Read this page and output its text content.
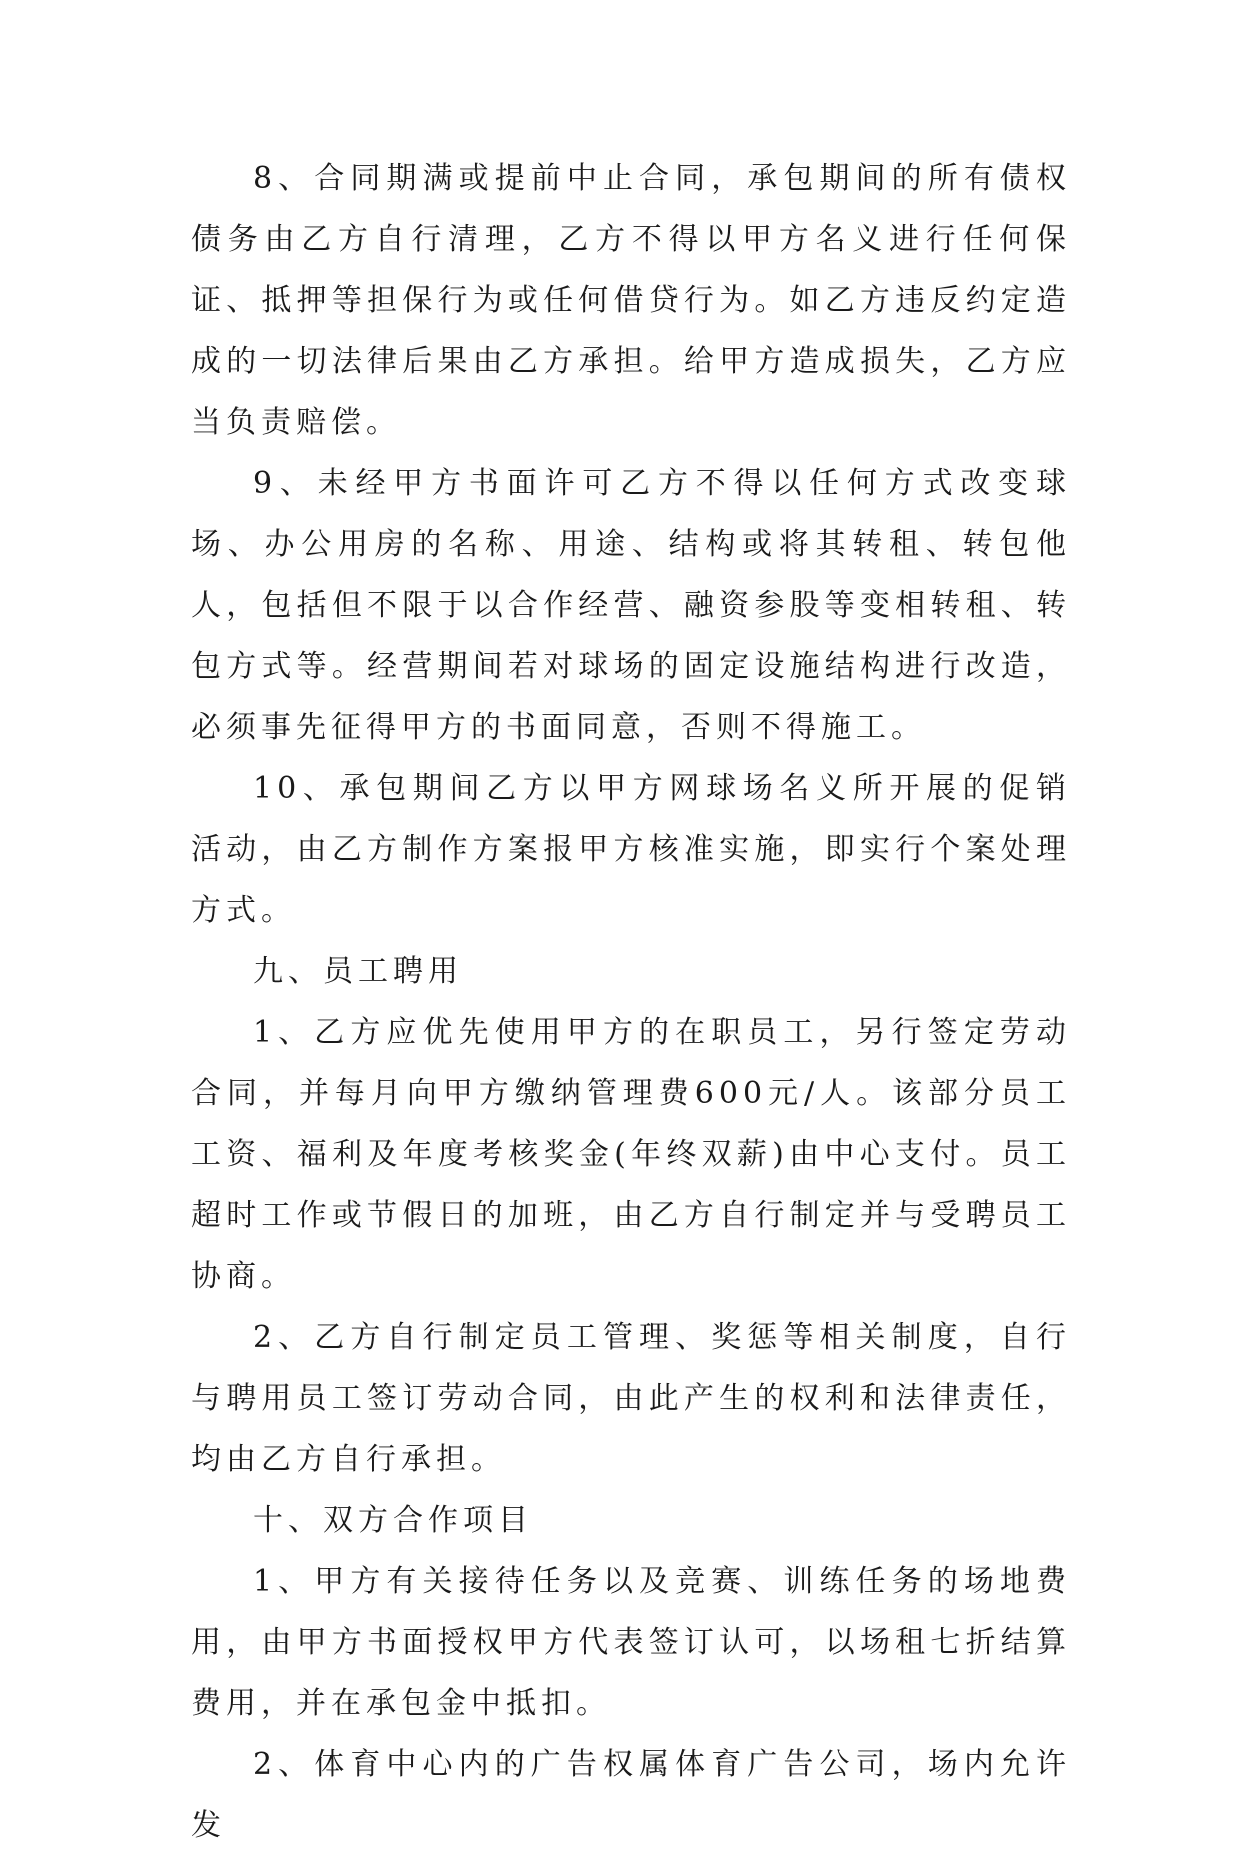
8、合同期满或提前中止合同，承包期间的所有债权债务由乙方自行清理，乙方不得以甲方名义进行任何保证、抵押等担保行为或任何借贷行为。如乙方违反约定造成的一切法律后果由乙方承担。给甲方造成损失，乙方应当负责赔偿。

9、未经甲方书面许可乙方不得以任何方式改变球场、办公用房的名称、用途、结构或将其转租、转包他人，包括但不限于以合作经营、融资参股等变相转租、转包方式等。经营期间若对球场的固定设施结构进行改造，必须事先征得甲方的书面同意，否则不得施工。

10、承包期间乙方以甲方网球场名义所开展的促销活动，由乙方制作方案报甲方核准实施，即实行个案处理方式。

九、员工聘用

1、乙方应优先使用甲方的在职员工，另行签定劳动合同，并每月向甲方缴纳管理费600元/人。该部分员工工资、福利及年度考核奖金(年终双薪)由中心支付。员工超时工作或节假日的加班，由乙方自行制定并与受聘员工协商。

2、乙方自行制定员工管理、奖惩等相关制度，自行与聘用员工签订劳动合同，由此产生的权利和法律责任，均由乙方自行承担。

十、双方合作项目

1、甲方有关接待任务以及竞赛、训练任务的场地费用，由甲方书面授权甲方代表签订认可，以场租七折结算费用，并在承包金中抵扣。

2、体育中心内的广告权属体育广告公司，场内允许发
